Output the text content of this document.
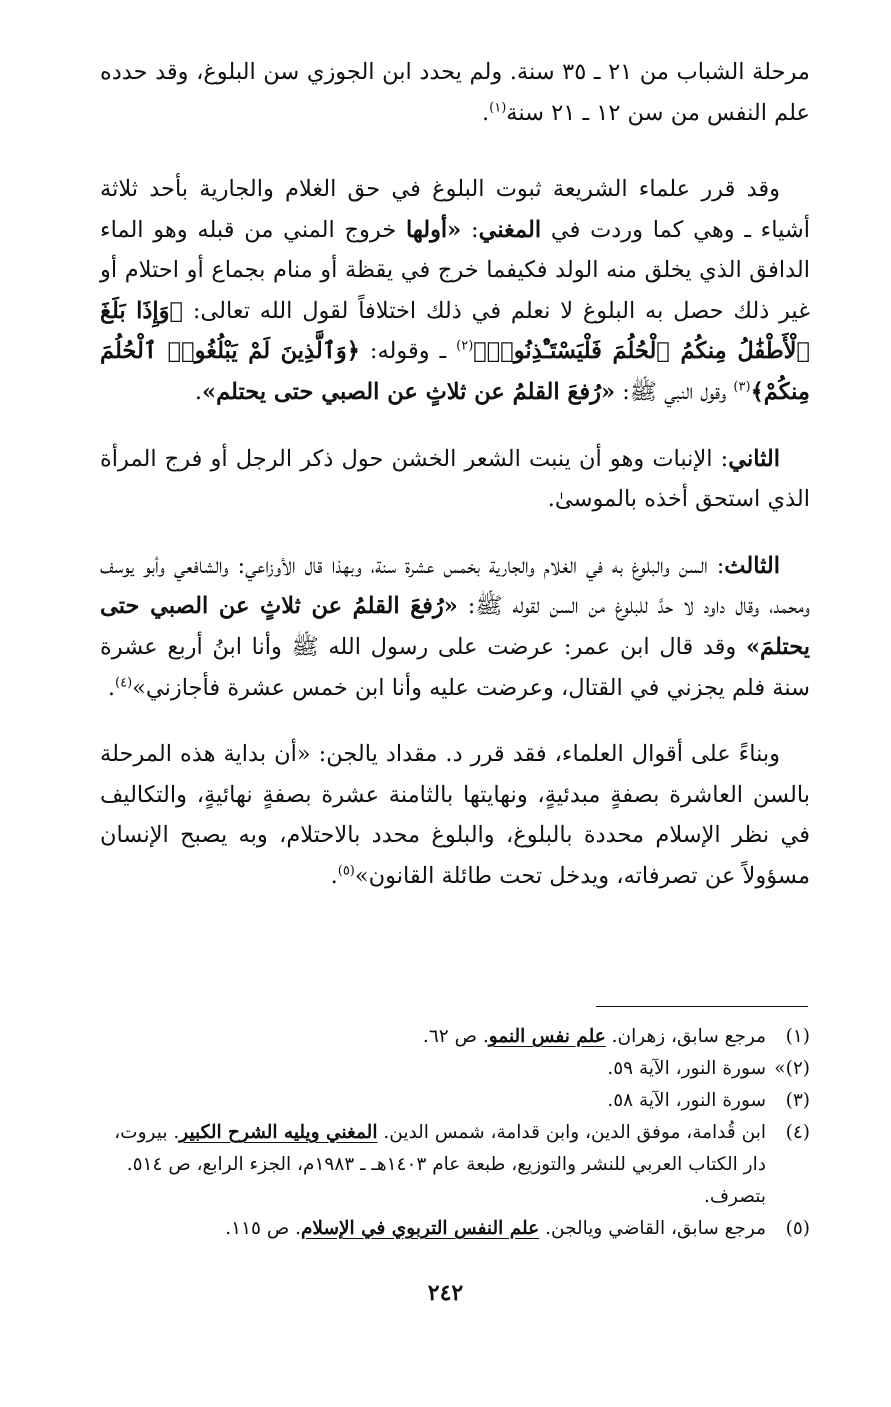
مرحلة الشباب من ٢١ ـ ٣٥ سنة. ولم يحدد ابن الجوزي سن البلوغ، وقد حدده علم النفس من سن ١٢ ـ ٢١ سنة$^{(١)}$.

وقد قرر علماء الشريعة ثبوت البلوغ في حق الغلام والجارية بأحد ثلاثة أشياء ـ وهي كما وردت في المغني: «أولها خروج المني من قبله وهو الماء الدافق الذي يخلق منه الولد فكيفما خرج في يقظة أو منام بجماع أو احتلام أو غير ذلك حصل به البلوغ لا نعلم في ذلك اختلافاً لقول الله تعالى: ﴿وَإِذَا بَلَغَ ٱلْأَطْفَٰلُ مِنكُمُ ٱلْحُلُمَ فَلْيَسْتَـْٔذِنُوا۟﴾$^{(٢)}$ ـ وقوله: ﴿وَٱلَّذِينَ لَمْ يَبْلُغُوا۟ ٱلْحُلُمَ مِنكُمْ﴾$^{(٣)}$ وقول النبي ﷺ: «رُفعَ القلمُ عن ثلاثٍ عن الصبي حتى يحتلم».

الثاني: الإنبات وهو أن ينبت الشعر الخشن حول ذكر الرجل أو فرج المرأة الذي استحق أخذه بالموسىٰ.

الثالث: السن والبلوغ به في الغلام والجارية بخمس عشرة سنة، وبهذا قال الأوزاعي: والشافعي وأبو يوسف ومحمد، وقال داود لا حدَّ للبلوغ من السن لقوله ﷺ: «رُفعَ القلمُ عن ثلاثٍ عن الصبي حتى يحتلمَ» وقد قال ابن عمر: عرضت على رسول الله ﷺ وأنا ابنُ أربع عشرة سنة فلم يجزني في القتال، وعرضت عليه وأنا ابن خمس عشرة فأجازني»$^{(٤)}$.

وبناءً على أقوال العلماء، فقد قرر د. مقداد يالجن: «أن بداية هذه المرحلة بالسن العاشرة بصفةٍ مبدئيةٍ، ونهايتها بالثامنة عشرة بصفةٍ نهائيةٍ، والتكاليف في نظر الإسلام محددة بالبلوغ، والبلوغ محدد بالاحتلام، وبه يصبح الإنسان مسؤولاً عن تصرفاته، ويدخل تحت طائلة القانون»$^{(٥)}$.

(١)
مرجع سابق، زهران. علم نفس النمو. ص ٦٢.
(٢)»
سورة النور، الآية ٥٩.
(٣)
سورة النور، الآية ٥٨.
(٤)
ابن قُدامة، موفق الدين، وابن قدامة، شمس الدين. المغني ويليه الشرح الكبير. بيروت، دار الكتاب العربي للنشر والتوزيع، طبعة عام ١٤٠٣هـ ـ ١٩٨٣م، الجزء الرابع، ص ٥١٤. بتصرف.
(٥)
مرجع سابق، القاضي ويالجن. علم النفس التربوي في الإسلام. ص ١١٥.
٢٤٢
